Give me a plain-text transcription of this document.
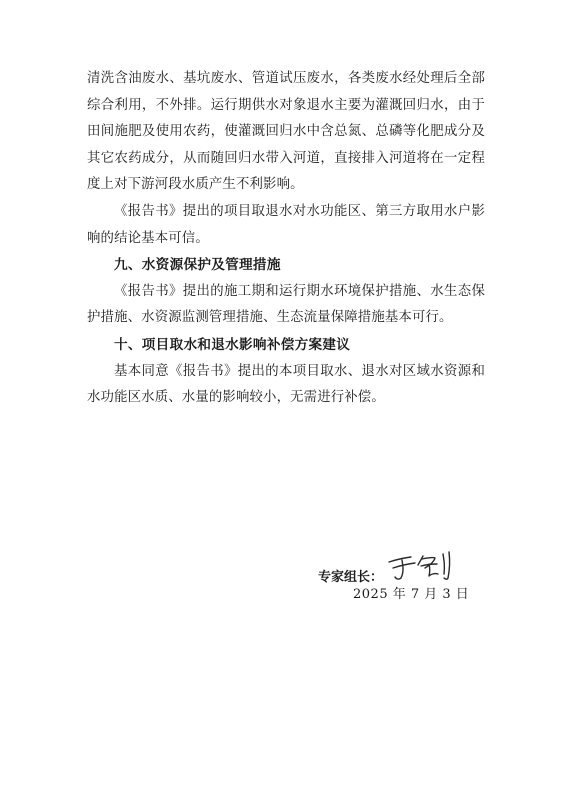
清洗含油废水、基坑废水、管道试压废水，各类废水经处理后全部综合利用，不外排。运行期供水对象退水主要为灌溉回归水，由于田间施肥及使用农药，使灌溉回归水中含总氮、总磷等化肥成分及其它农药成分，从而随回归水带入河道，直接排入河道将在一定程度上对下游河段水质产生不利影响。

《报告书》提出的项目取退水对水功能区、第三方取用水户影响的结论基本可信。

九、水资源保护及管理措施

《报告书》提出的施工期和运行期水环境保护措施、水生态保护措施、水资源监测管理措施、生态流量保障措施基本可行。

十、项目取水和退水影响补偿方案建议

基本同意《报告书》提出的本项目取水、退水对区域水资源和水功能区水质、水量的影响较小，无需进行补偿。

专家组长：
2025 年 7 月 3 日
